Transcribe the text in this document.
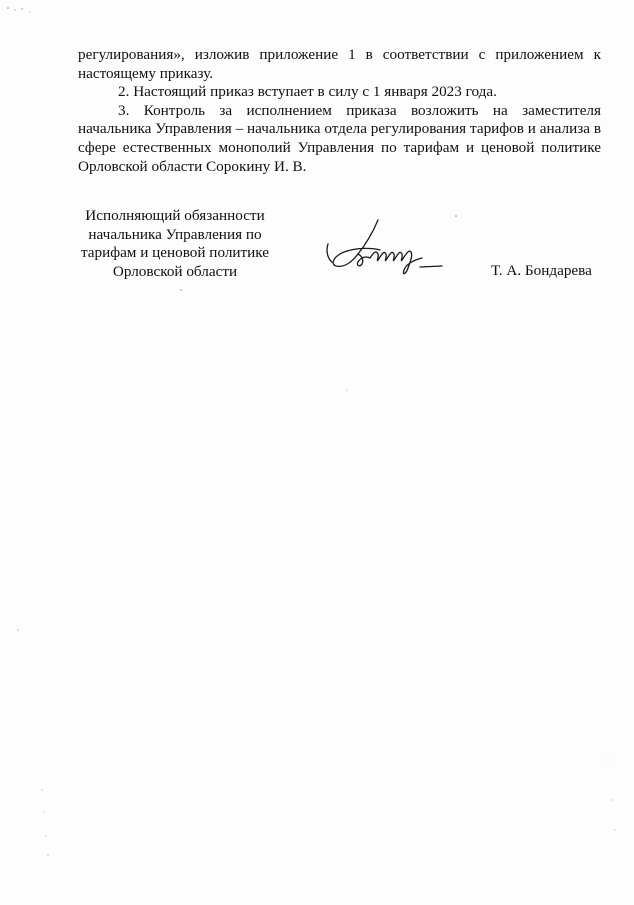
регулирования», изложив приложение 1 в соответствии с приложением к настоящему приказу.

2. Настоящий приказ вступает в силу с 1 января 2023 года.

3. Контроль за исполнением приказа возложить на заместителя начальника Управления – начальника отдела регулирования тарифов и анализа в сфере естественных монополий Управления по тарифам и ценовой политике Орловской области Сорокину И. В.

Исполняющий обязанности
начальника Управления по
тарифам и ценовой политике
Орловской области	Т. А. Бондарева
